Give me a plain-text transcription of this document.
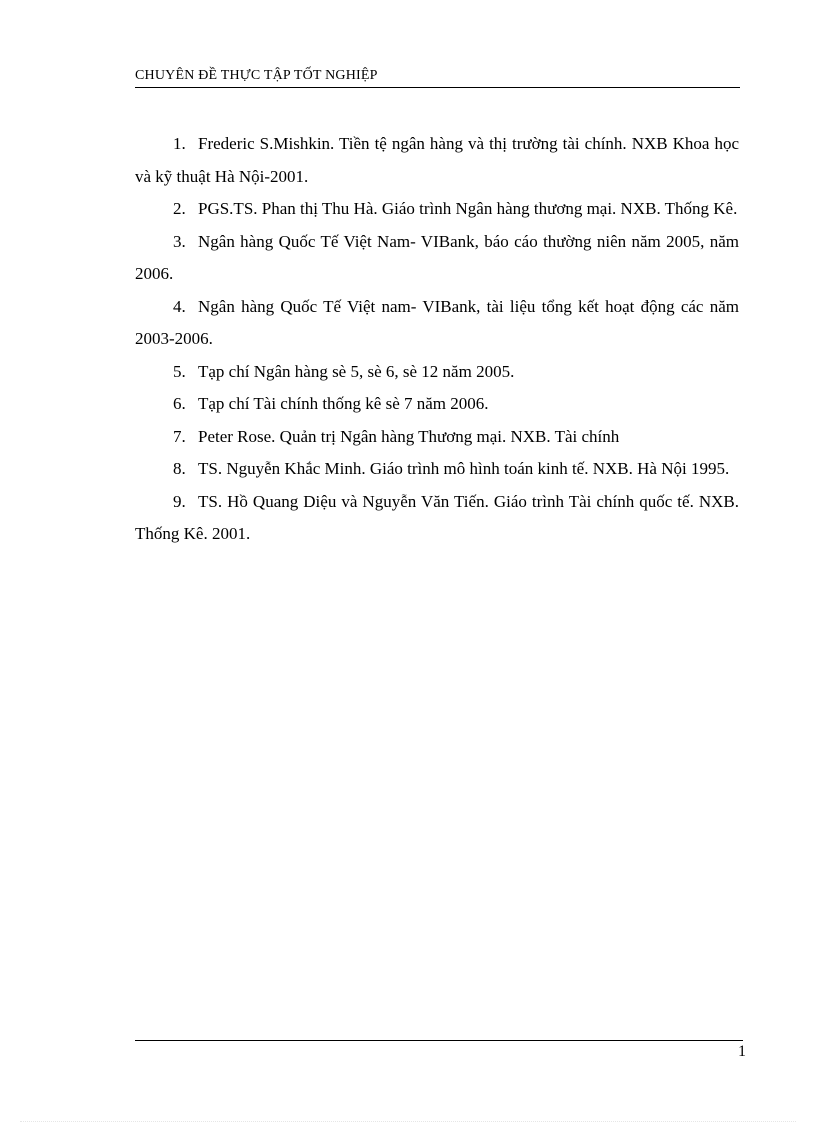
CHUYÊN ĐỀ THỰC TẬP TỐT NGHIỆP
1. Frederic S.Mishkin. Tiền tệ ngân hàng và thị trường tài chính. NXB Khoa học và kỹ thuật Hà Nội-2001.
2. PGS.TS. Phan thị Thu Hà. Giáo trình Ngân hàng thương mại. NXB. Thống Kê.
3. Ngân hàng Quốc Tế Việt Nam- VIBank, báo cáo thường niên năm 2005, năm 2006.
4. Ngân hàng Quốc Tế Việt nam- VIBank, tài liệu tổng kết hoạt động các năm 2003-2006.
5. Tạp chí Ngân hàng sè 5, sè 6, sè 12 năm 2005.
6. Tạp chí Tài chính thống kê sè 7 năm 2006.
7. Peter Rose. Quản trị Ngân hàng Thương mại. NXB. Tài chính
8. TS. Nguyễn Khắc Minh. Giáo trình mô hình toán kinh tế. NXB. Hà Nội 1995.
9. TS. Hồ Quang Diệu và Nguyễn Văn Tiến. Giáo trình Tài chính quốc tế. NXB. Thống Kê. 2001.
1
